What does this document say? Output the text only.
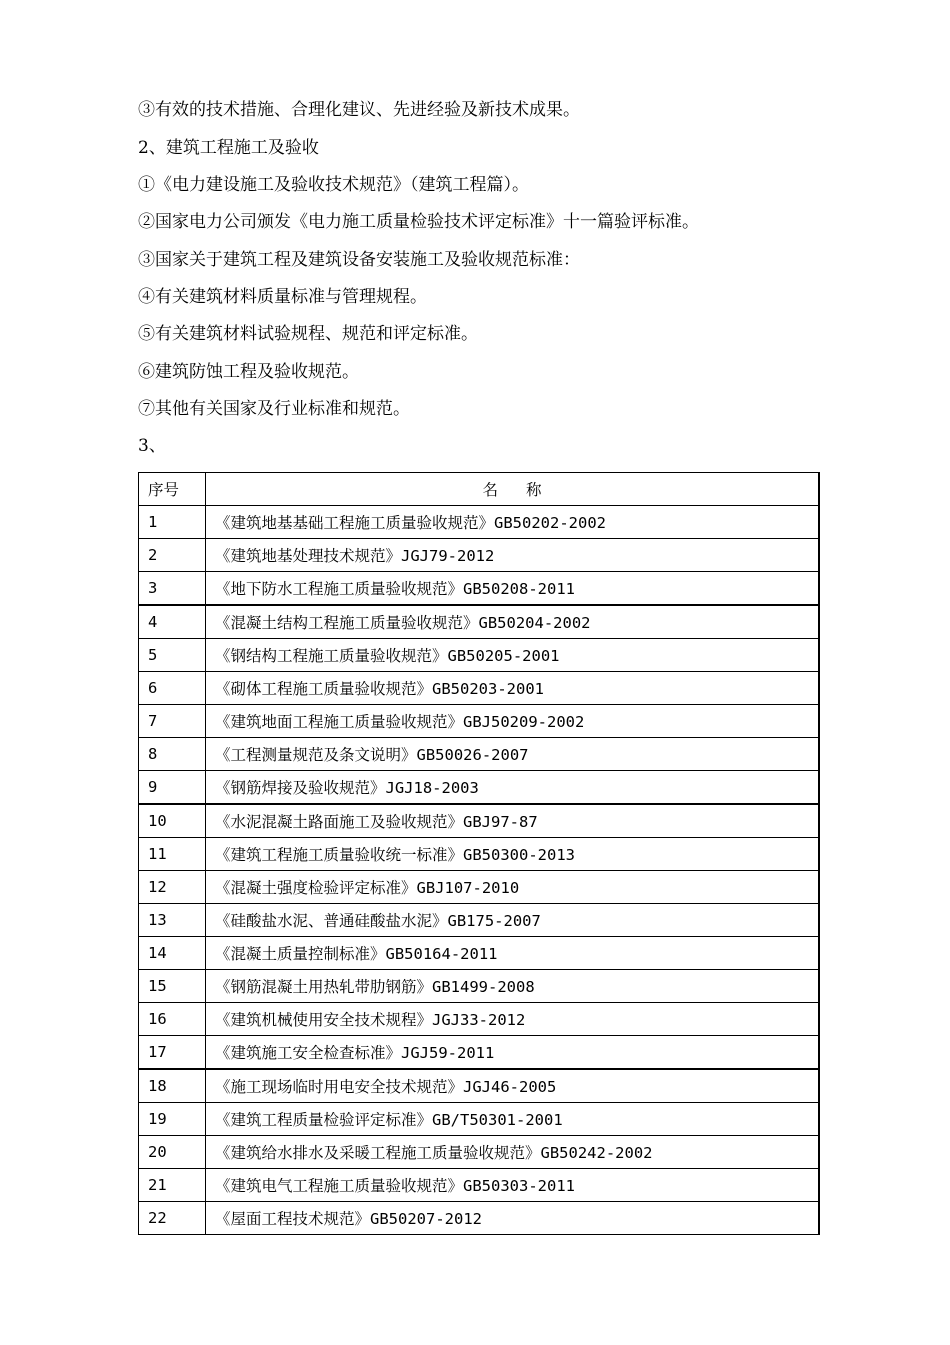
③有效的技术措施、合理化建议、先进经验及新技术成果。
2、建筑工程施工及验收
①《电力建设施工及验收技术规范》（建筑工程篇）。
②国家电力公司颁发《电力施工质量检验技术评定标准》十一篇验评标准。
③国家关于建筑工程及建筑设备安装施工及验收规范标准：
④有关建筑材料质量标准与管理规程。
⑤有关建筑材料试验规程、规范和评定标准。
⑥建筑防蚀工程及验收规范。
⑦其他有关国家及行业标准和规范。
3、
序号	名 称
1	《建筑地基基础工程施工质量验收规范》GB50202-2002
2	《建筑地基处理技术规范》JGJ79-2012
3	《地下防水工程施工质量验收规范》GB50208-2011
4	《混凝土结构工程施工质量验收规范》GB50204-2002
5	《钢结构工程施工质量验收规范》GB50205-2001
6	《砌体工程施工质量验收规范》GB50203-2001
7	《建筑地面工程施工质量验收规范》GBJ50209-2002
8	《工程测量规范及条文说明》GB50026-2007
9	《钢筋焊接及验收规范》JGJ18-2003
10	《水泥混凝土路面施工及验收规范》GBJ97-87
11	《建筑工程施工质量验收统一标准》GB50300-2013
12	《混凝土强度检验评定标准》GBJ107-2010
13	《硅酸盐水泥、普通硅酸盐水泥》GB175-2007
14	《混凝土质量控制标准》GB50164-2011
15	《钢筋混凝土用热轧带肋钢筋》GB1499-2008
16	《建筑机械使用安全技术规程》JGJ33-2012
17	《建筑施工安全检查标准》JGJ59-2011
18	《施工现场临时用电安全技术规范》JGJ46-2005
19	《建筑工程质量检验评定标准》GB/T50301-2001
20	《建筑给水排水及采暖工程施工质量验收规范》GB50242-2002
21	《建筑电气工程施工质量验收规范》GB50303-2011
22	《屋面工程技术规范》GB50207-2012
